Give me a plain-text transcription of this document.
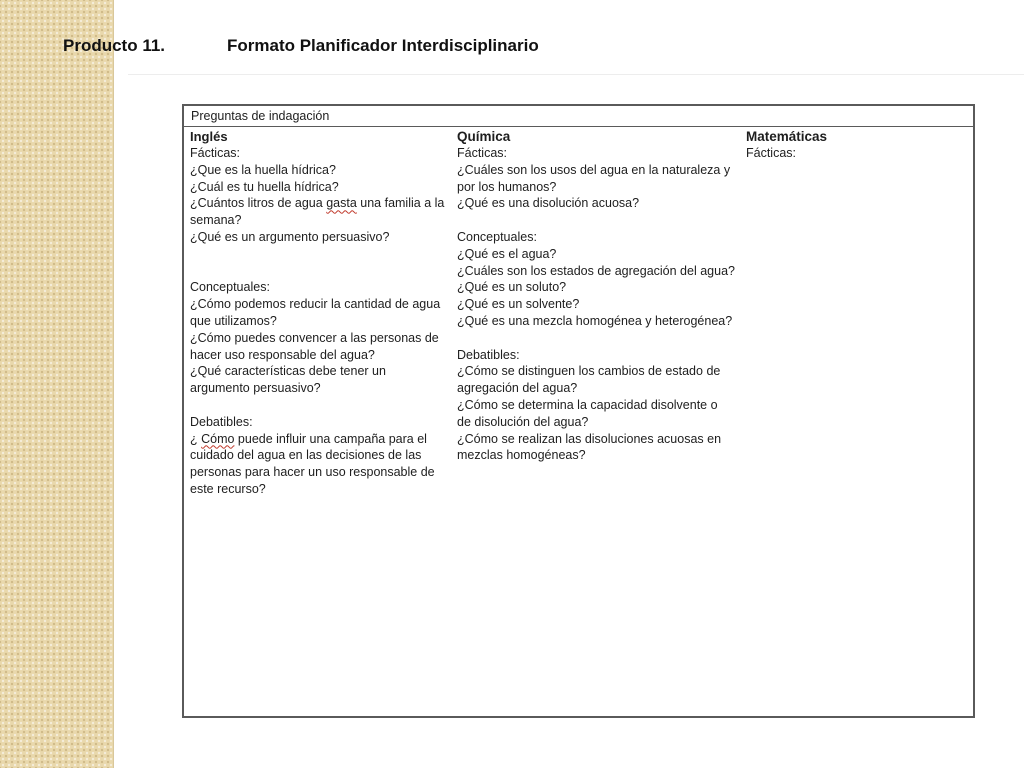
Producto 11.	Formato Planificador Interdisciplinario
Preguntas de indagación
Inglés
Fácticas:
¿Que es la huella hídrica?
¿Cuál es tu huella hídrica?
¿Cuántos litros de agua gasta una familia a la
semana?
¿Qué es un argumento persuasivo?
Conceptuales:
¿Cómo podemos reducir la cantidad de agua
que utilizamos?
¿Cómo puedes convencer a las personas de
hacer uso responsable del agua?
¿Qué características debe tener un
argumento persuasivo?
Debatibles:
¿ Cómo puede influir una campaña para el
cuidado del agua en las decisiones de las
personas para hacer un uso responsable de
este recurso?
Química
Fácticas:
¿Cuáles son los usos del agua en la naturaleza y
por los humanos?
¿Qué es una disolución acuosa?
Conceptuales:
¿Qué es el agua?
¿Cuáles son los estados de agregación del agua?
¿Qué es un soluto?
¿Qué es un solvente?
¿Qué es una mezcla homogénea y heterogénea?
Debatibles:
¿Cómo se distinguen los cambios de estado de
agregación del agua?
¿Cómo se determina la capacidad disolvente o
de disolución del agua?
¿Cómo se realizan las disoluciones acuosas en
mezclas homogéneas?
Matemáticas
Fácticas:
